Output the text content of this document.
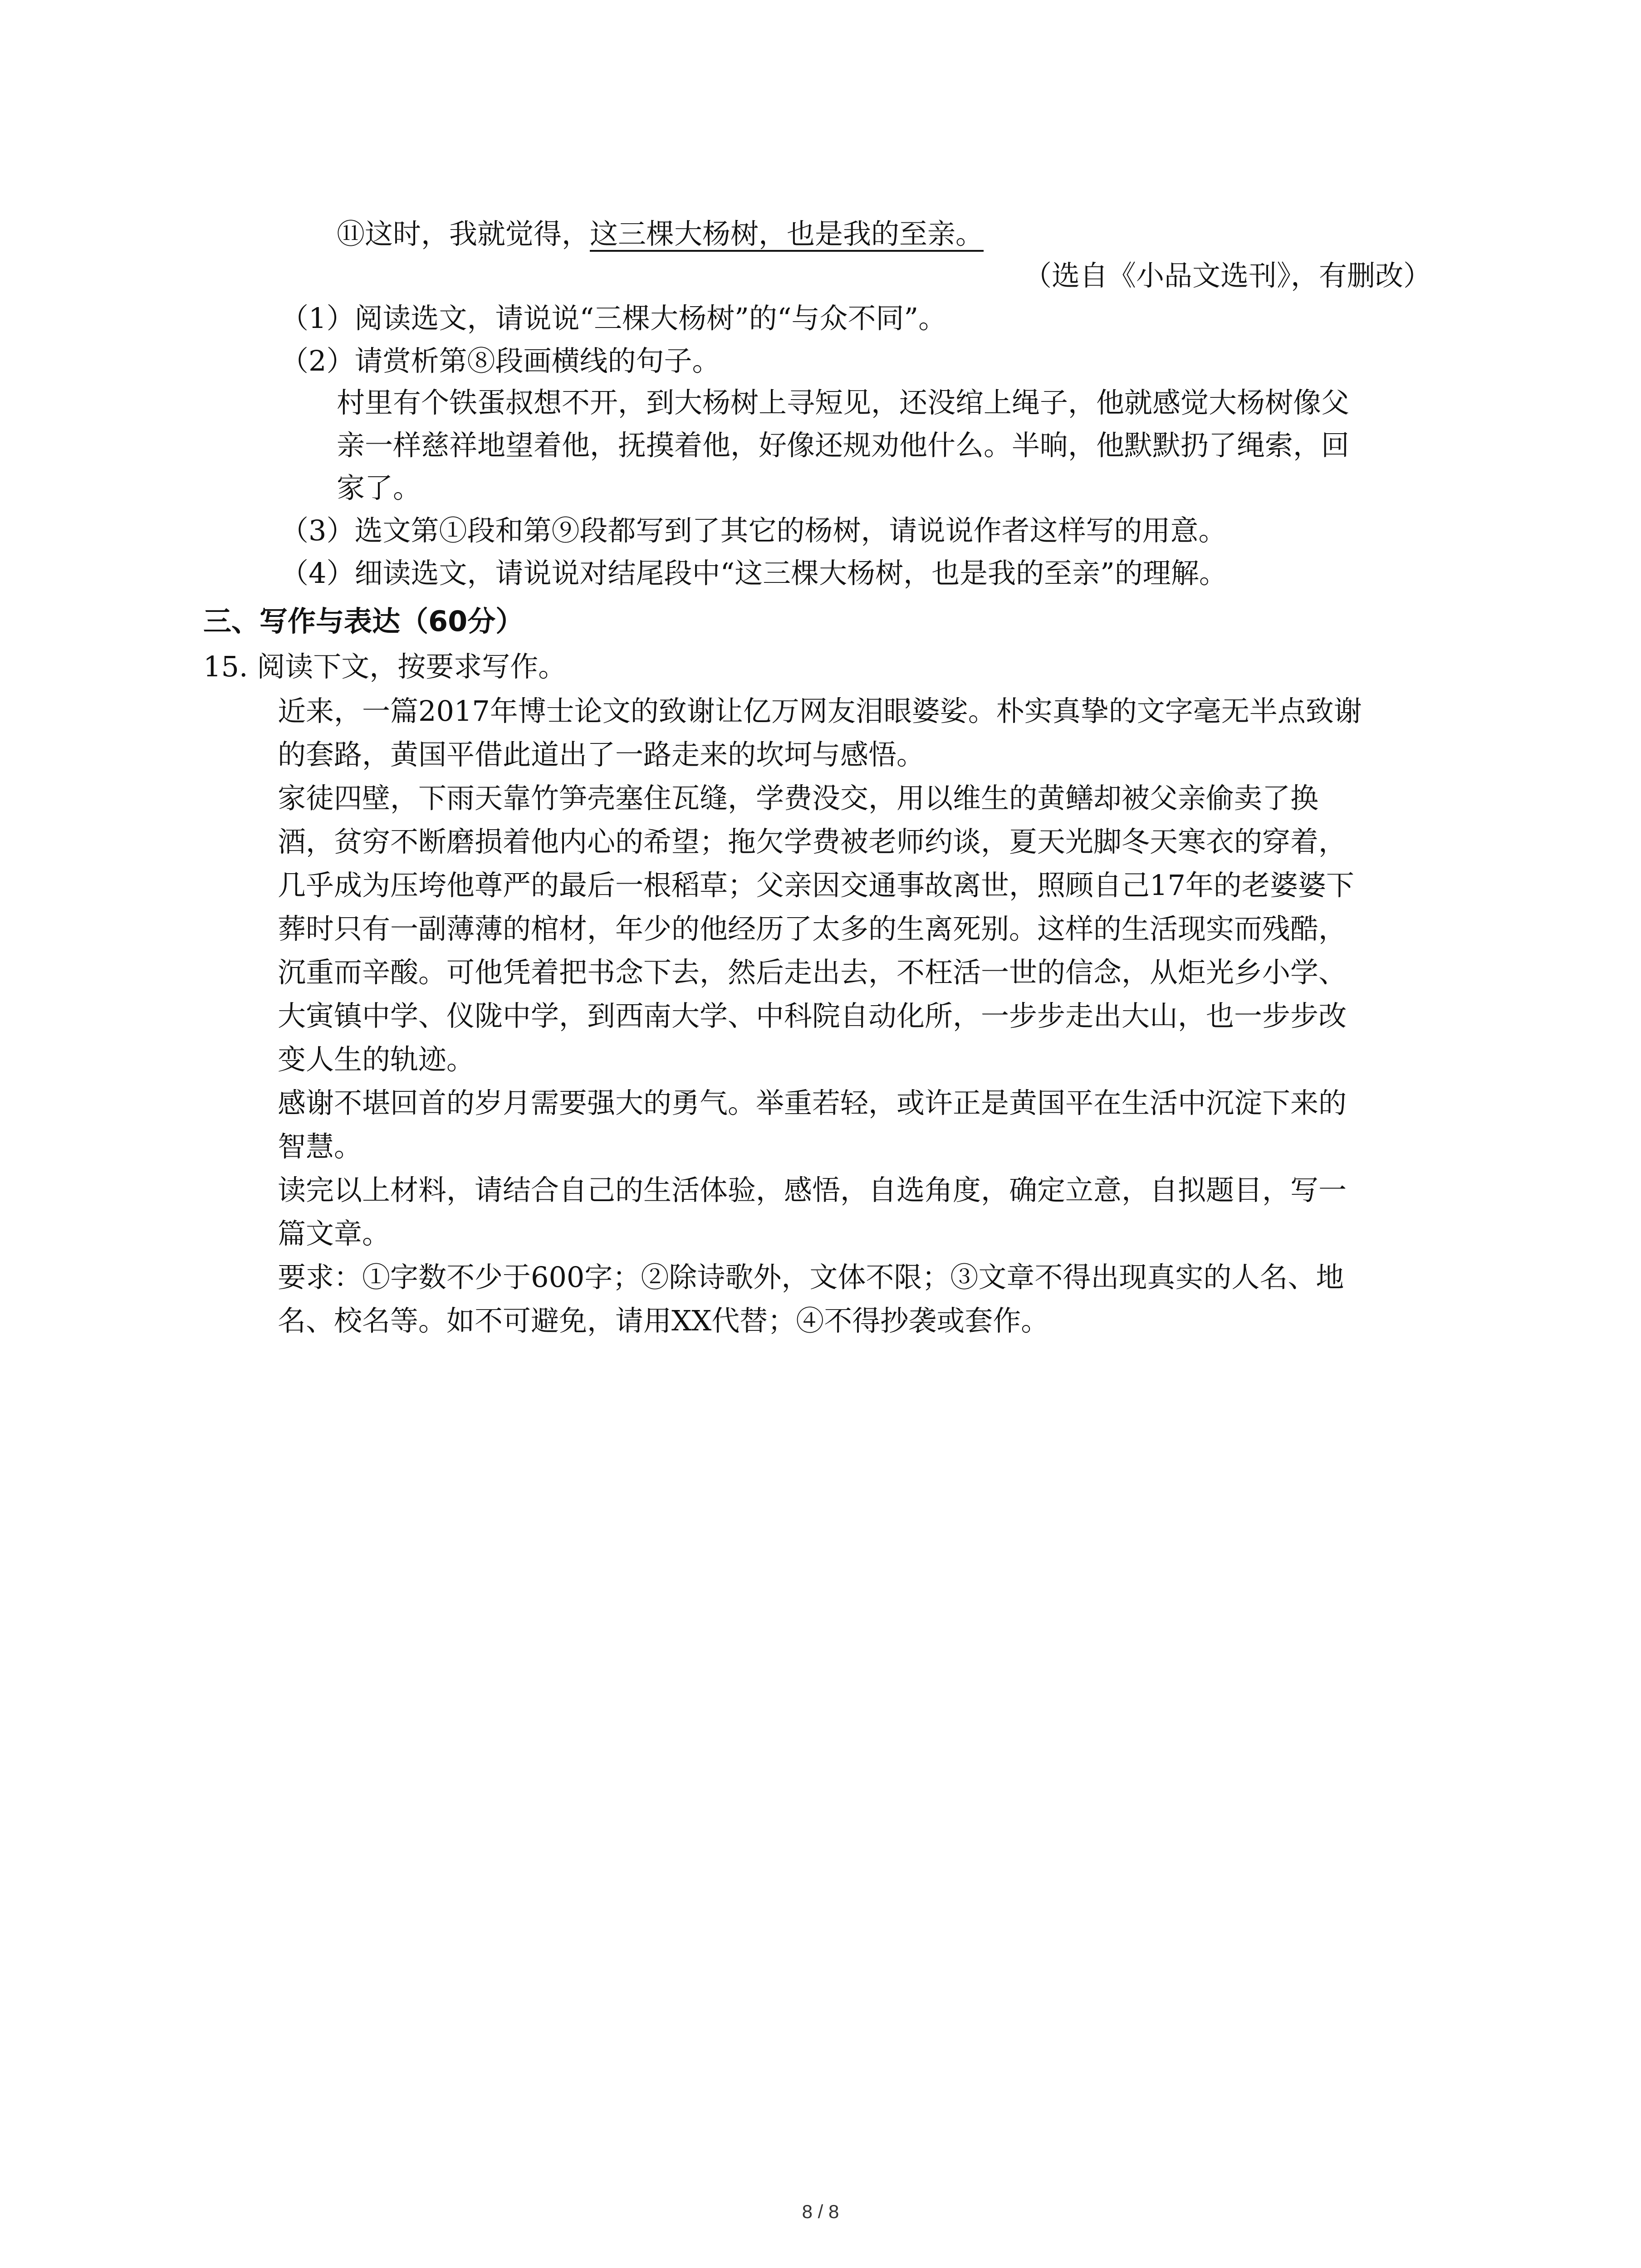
⑪这时，我就觉得，这三棵大杨树，也是我的至亲。
（选自《小品文选刊》，有删改）
（1）阅读选文，请说说“三棵大杨树”的“与众不同”。
（2）请赏析第⑧段画横线的句子。
村里有个铁蛋叔想不开，到大杨树上寻短见，还没绾上绳子，他就感觉大杨树像父
亲一样慈祥地望着他，抚摸着他，好像还规劝他什么。半晌，他默默扔了绳索，回
家了。
（3）选文第①段和第⑨段都写到了其它的杨树，请说说作者这样写的用意。
（4）细读选文，请说说对结尾段中“这三棵大杨树，也是我的至亲”的理解。
三、写作与表达（60分）
15. 阅读下文，按要求写作。
近来，一篇2017年博士论文的致谢让亿万网友泪眼婆娑。朴实真挚的文字毫无半点致谢
的套路，黄国平借此道出了一路走来的坎坷与感悟。
家徒四壁，下雨天靠竹笋壳塞住瓦缝，学费没交，用以维生的黄鳝却被父亲偷卖了换
酒，贫穷不断磨损着他内心的希望；拖欠学费被老师约谈，夏天光脚冬天寒衣的穿着，
几乎成为压垮他尊严的最后一根稻草；父亲因交通事故离世，照顾自己17年的老婆婆下
葬时只有一副薄薄的棺材，年少的他经历了太多的生离死别。这样的生活现实而残酷，
沉重而辛酸。可他凭着把书念下去，然后走出去，不枉活一世的信念，从炬光乡小学、
大寅镇中学、仪陇中学，到西南大学、中科院自动化所，一步步走出大山，也一步步改
变人生的轨迹。
感谢不堪回首的岁月需要强大的勇气。举重若轻，或许正是黄国平在生活中沉淀下来的
智慧。
读完以上材料，请结合自己的生活体验，感悟，自选角度，确定立意，自拟题目，写一
篇文章。
要求：①字数不少于600字；②除诗歌外，文体不限；③文章不得出现真实的人名、地
名、校名等。如不可避免，请用XX代替；④不得抄袭或套作。
8 / 8
